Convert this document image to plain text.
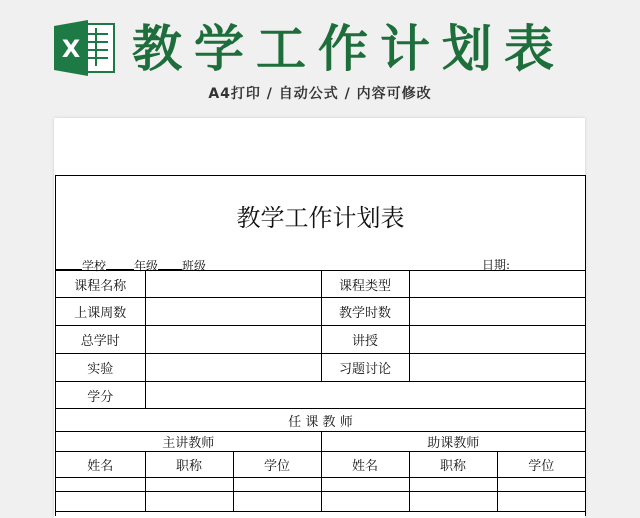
X 教学工作计划表
A4打印 / 自动公式 / 内容可修改
教学工作计划表
学校 年级 班级	日期:
课程名称			课程类型		
上课周数			教学时数		
总学时			讲授		
实验			习题讨论		
学分					
任 课 教 师					
主讲教师			助课教师		
姓名	职称	学位	姓名	职称	学位
